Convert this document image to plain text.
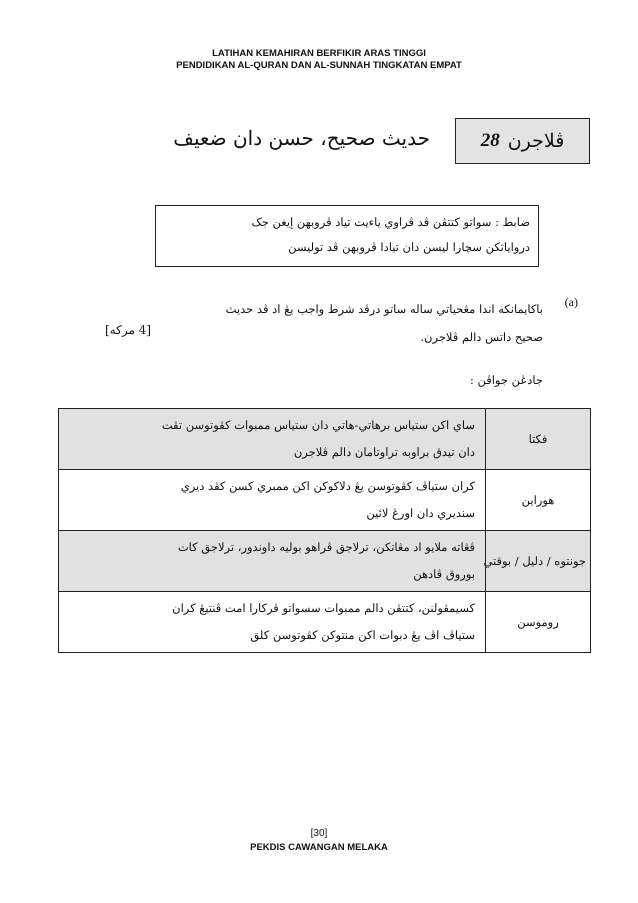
LATIHAN KEMAHIRAN BERFIKIR ARAS TINGGI
PENDIDIKAN AL-QURAN DAN AL-SUNNAH TINGKATAN EMPAT
ڤلاجرن
28
حديث صحيح، حسن دان ضعيف
ضابط : سواتو كتتڤن ڤد ڤراوي ياءيت تياد ڤروبهن إيغن جک
درواياتكن سچارا ليسن دان تيادا ڤروبهن ڤد توليسن
(a)
باكايمانكه اندا مڠحياتي ساله ساتو درڤد شرط واجب يڠ اد ڤد حديث
صحيح داتس دالم ڤلاجرن.
[4 مركه]
جادڠن جواڤن :
فكتا	ساي اكن ستياس برهاتي-هاتي دان ستياس ممبوات كڤوتوسن تڤت
دان تيدق براوبه تراوتامان دالم ڤلاجرن

هوراين	كران ستياڤ كڤوتوسن يڠ دلاكوكن اكن ممبري كسن كڤد ديري
سنديري دان اورڠ لائين

جونتوه / دليل / بوقتي	ڤڠاته ملايو اد مڠاتكن، ترلاجق ڤراهو بوليه داوندور، ترلاجق كات
بوروق ڤادهن

روموسن	كسيمڤولنن، كتتڤن دالم ممبوات سسواتو ڤركارا امت ڤنتيڠ كران
ستياڤ اڤ يڠ دبوات اكن منتوكن كڤوتوسن كلق
[30]
PEKDIS CAWANGAN MELAKA
